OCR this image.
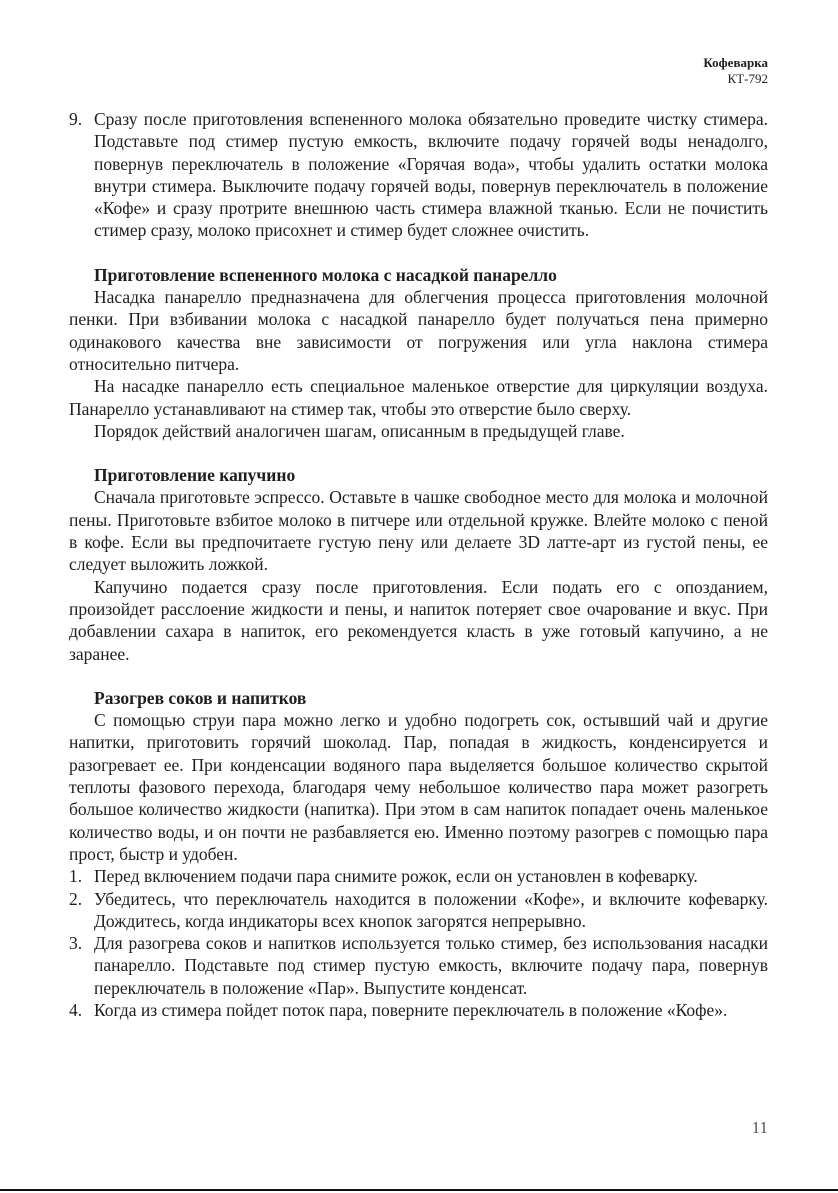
Кофеварка
КТ-792
9. Сразу после приготовления вспененного молока обязательно проведите чистку стимера. Подставьте под стимер пустую емкость, включите подачу горячей воды ненадолго, повернув переключатель в положение «Горячая вода», чтобы удалить остатки молока внутри стимера. Выключите подачу горячей воды, повернув переключатель в положение «Кофе» и сразу протрите внешнюю часть стимера влажной тканью. Если не почистить стимер сразу, молоко присохнет и стимер будет сложнее очистить.

Приготовление вспененного молока с насадкой панарелло

Насадка панарелло предназначена для облегчения процесса приготовления молочной пенки. При взбивании молока с насадкой панарелло будет получаться пена примерно одинакового качества вне зависимости от погружения или угла наклона стимера относительно питчера.

На насадке панарелло есть специальное маленькое отверстие для циркуляции воздуха. Панарелло устанавливают на стимер так, чтобы это отверстие было сверху.

Порядок действий аналогичен шагам, описанным в предыдущей главе.

Приготовление капучино

Сначала приготовьте эспрессо. Оставьте в чашке свободное место для молока и молочной пены. Приготовьте взбитое молоко в питчере или отдельной кружке. Влейте молоко с пеной в кофе. Если вы предпочитаете густую пену или делаете 3D латте-арт из густой пены, ее следует выложить ложкой.

Капучино подается сразу после приготовления. Если подать его с опозданием, произойдет расслоение жидкости и пены, и напиток потеряет свое очарование и вкус. При добавлении сахара в напиток, его рекомендуется класть в уже готовый капучино, а не заранее.

Разогрев соков и напитков

С помощью струи пара можно легко и удобно подогреть сок, остывший чай и другие напитки, приготовить горячий шоколад. Пар, попадая в жидкость, конденсируется и разогревает ее. При конденсации водяного пара выделяется большое количество скрытой теплоты фазового перехода, благодаря чему небольшое количество пара может разогреть большое количество жидкости (напитка). При этом в сам напиток попадает очень маленькое количество воды, и он почти не разбавляется ею. Именно поэтому разогрев с помощью пара прост, быстр и удобен.

1. Перед включением подачи пара снимите рожок, если он установлен в кофеварку.
2. Убедитесь, что переключатель находится в положении «Кофе», и включите кофеварку. Дождитесь, когда индикаторы всех кнопок загорятся непрерывно.
3. Для разогрева соков и напитков используется только стимер, без использования насадки панарелло. Подставьте под стимер пустую емкость, включите подачу пара, повернув переключатель в положение «Пар». Выпустите конденсат.
4. Когда из стимера пойдет поток пара, поверните переключатель в положение «Кофе».
11
